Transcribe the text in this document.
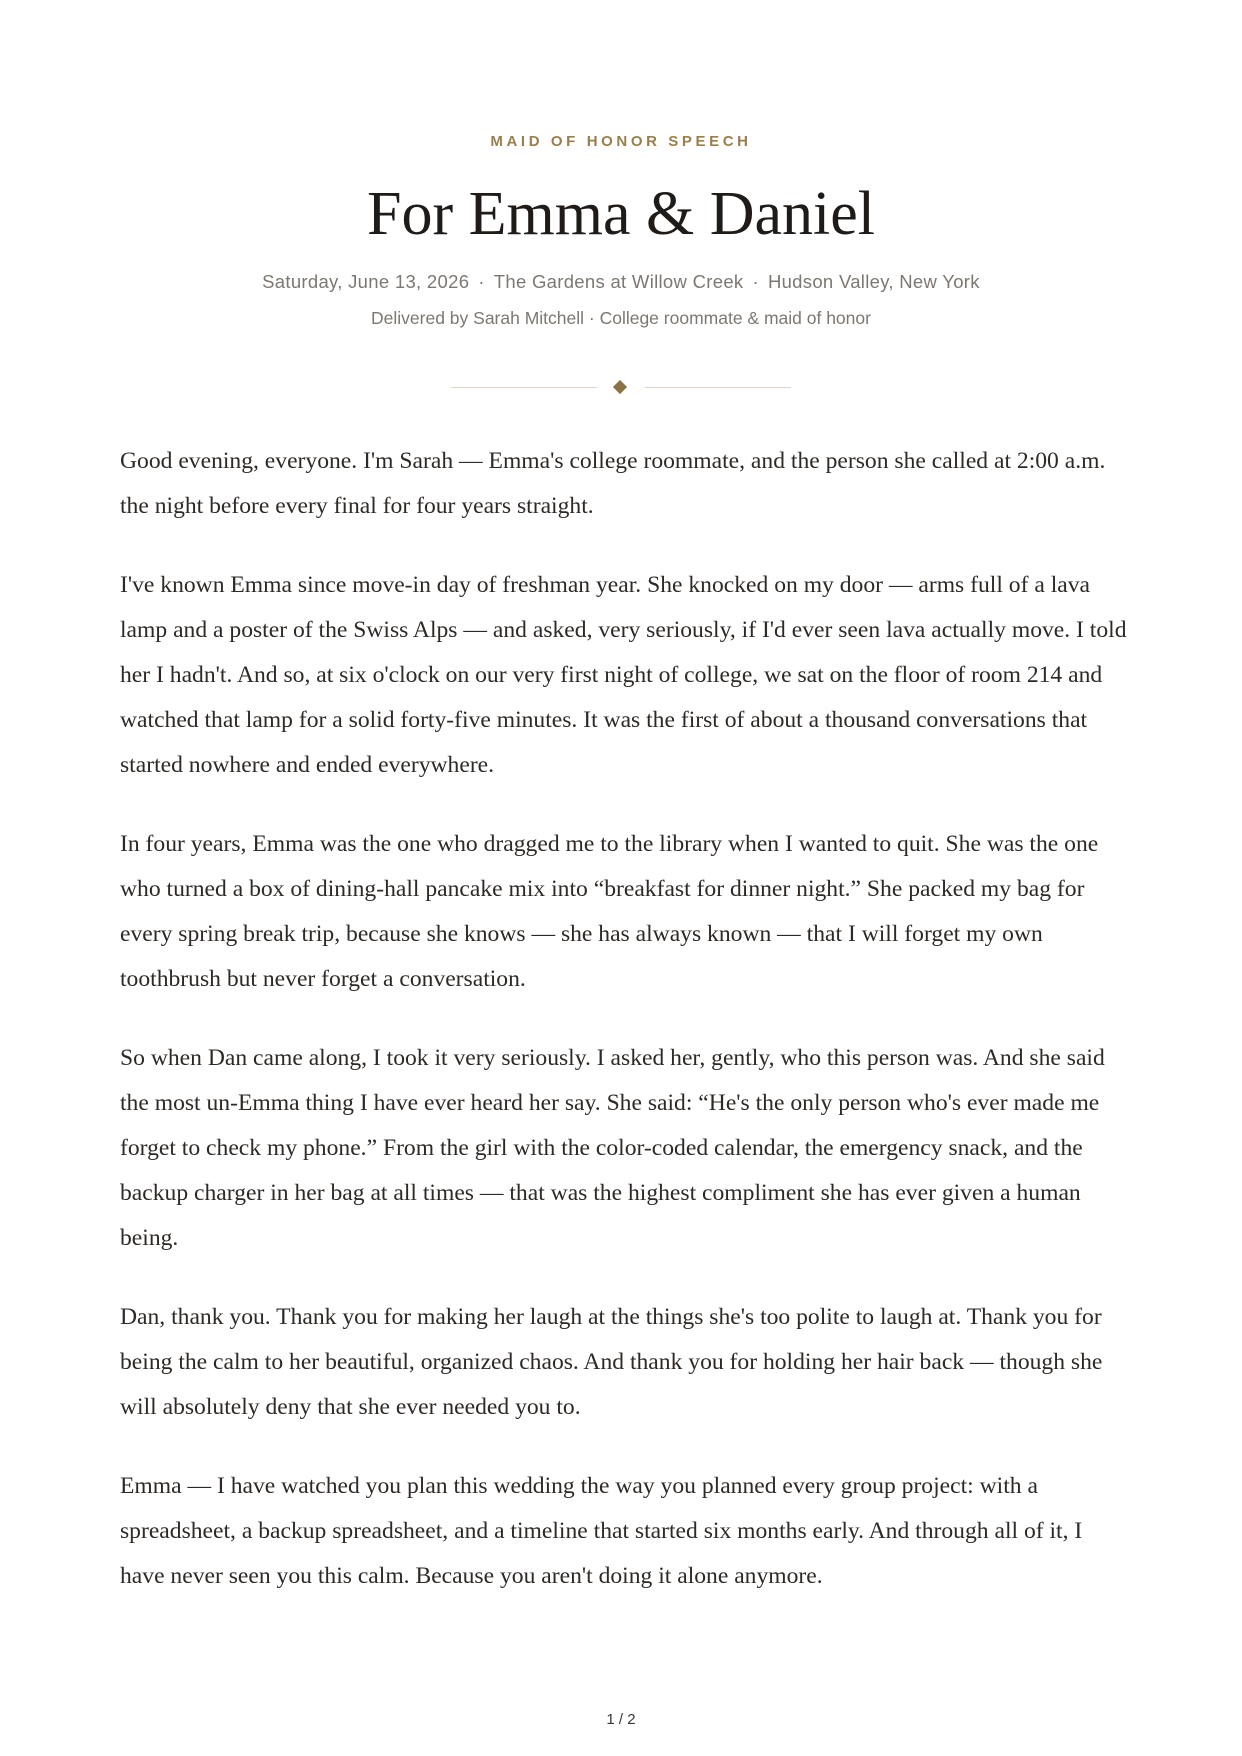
MAID OF HONOR SPEECH
For Emma & Daniel
Saturday, June 13, 2026 · The Gardens at Willow Creek · Hudson Valley, New York
Delivered by Sarah Mitchell · College roommate & maid of honor

Good evening, everyone. I'm Sarah — Emma's college roommate, and the person she called at 2:00 a.m. the night before every final for four years straight.

I've known Emma since move-in day of freshman year. She knocked on my door — arms full of a lava lamp and a poster of the Swiss Alps — and asked, very seriously, if I'd ever seen lava actually move. I told her I hadn't. And so, at six o'clock on our very first night of college, we sat on the floor of room 214 and watched that lamp for a solid forty-five minutes. It was the first of about a thousand conversations that started nowhere and ended everywhere.

In four years, Emma was the one who dragged me to the library when I wanted to quit. She was the one who turned a box of dining-hall pancake mix into “breakfast for dinner night.” She packed my bag for every spring break trip, because she knows — she has always known — that I will forget my own toothbrush but never forget a conversation.

So when Dan came along, I took it very seriously. I asked her, gently, who this person was. And she said the most un-Emma thing I have ever heard her say. She said: “He's the only person who's ever made me forget to check my phone.” From the girl with the color-coded calendar, the emergency snack, and the backup charger in her bag at all times — that was the highest compliment she has ever given a human being.

Dan, thank you. Thank you for making her laugh at the things she's too polite to laugh at. Thank you for being the calm to her beautiful, organized chaos. And thank you for holding her hair back — though she will absolutely deny that she ever needed you to.

Emma — I have watched you plan this wedding the way you planned every group project: with a spreadsheet, a backup spreadsheet, and a timeline that started six months early. And through all of it, I have never seen you this calm. Because you aren't doing it alone anymore.

1 / 2
